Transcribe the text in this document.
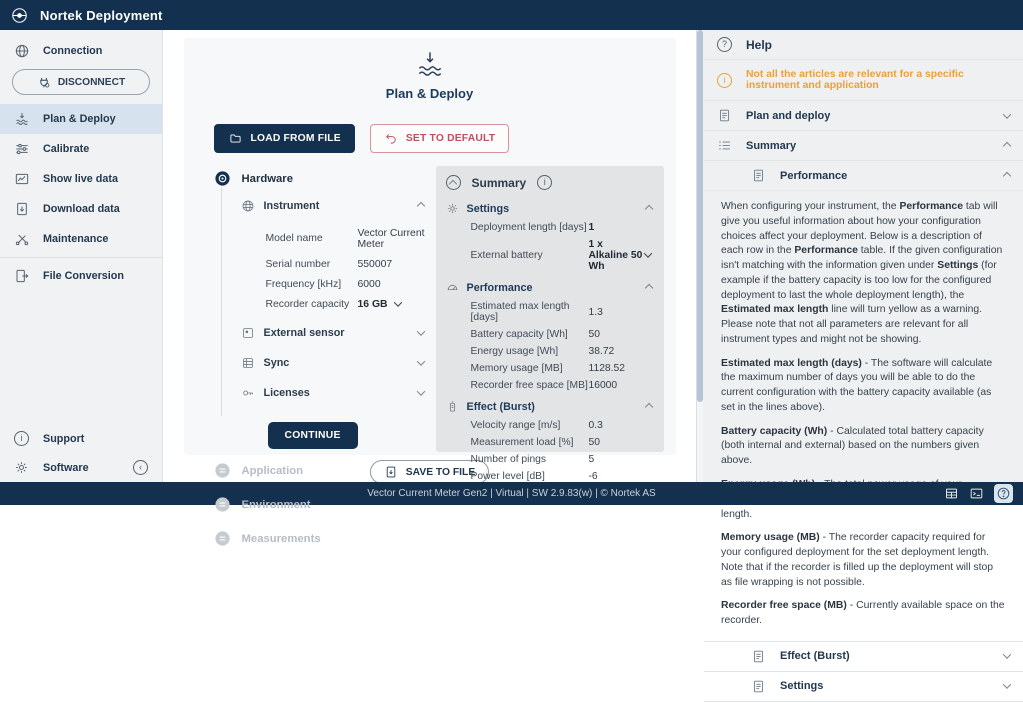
Nortek Deployment
Connection
DISCONNECT
Plan & Deploy
Calibrate
Show live data
Download data
Maintenance
File Conversion
i	Support
Software	‹
Plan & Deploy
LOAD FROM FILE	SET TO DEFAULT
Hardware
Instrument
Model name	Vector Current Meter
Serial number	550007
Frequency [kHz]	6000
Recorder capacity 16 GB
External sensor
Sync
Licenses
CONTINUE
Application
Environment
Measurements
Summary	i
Settings
Deployment length [days] 1
External battery
1 x Alkaline 50 Wh
Performance
Estimated max length [days]	1.3
Battery capacity [Wh]	50
Energy usage [Wh]	38.72
Memory usage [MB]	1128.52
Recorder free space [MB] 16000
Effect (Burst)
Velocity range [m/s]	0.3
Measurement load [%]	50
Number of pings	5
Power level [dB]	-6
SAVE TO FILE
?	Help
i	Not all the articles are relevant for a specific instrument and application
Plan and deploy
Summary
Performance

When configuring your instrument, the Performance tab will give you useful information about how your configuration choices affect your deployment. Below is a description of each row in the Performance table. If the given configuration isn't matching with the information given under Settings (for example if the battery capacity is too low for the configured deployment to last the whole deployment length), the Estimated max length line will turn yellow as a warning. Please note that not all parameters are relevant for all instrument types and might not be showing.

Estimated max length (days) - The software will calculate the maximum number of days you will be able to do the current configuration with the battery capacity available (as set in the lines above).

Battery capacity (Wh) - Calculated total battery capacity (both internal and external) based on the numbers given above.

length.

Memory usage (MB) - The recorder capacity required for your configured deployment for the set deployment length. Note that if the recorder is filled up the deployment will stop as file wrapping is not possible.

Recorder free space (MB) - Currently available space on the recorder.

Effect (Burst)
Settings
Vector Current Meter Gen2 | Virtual | SW 2.9.83(w) | © Nortek AS
